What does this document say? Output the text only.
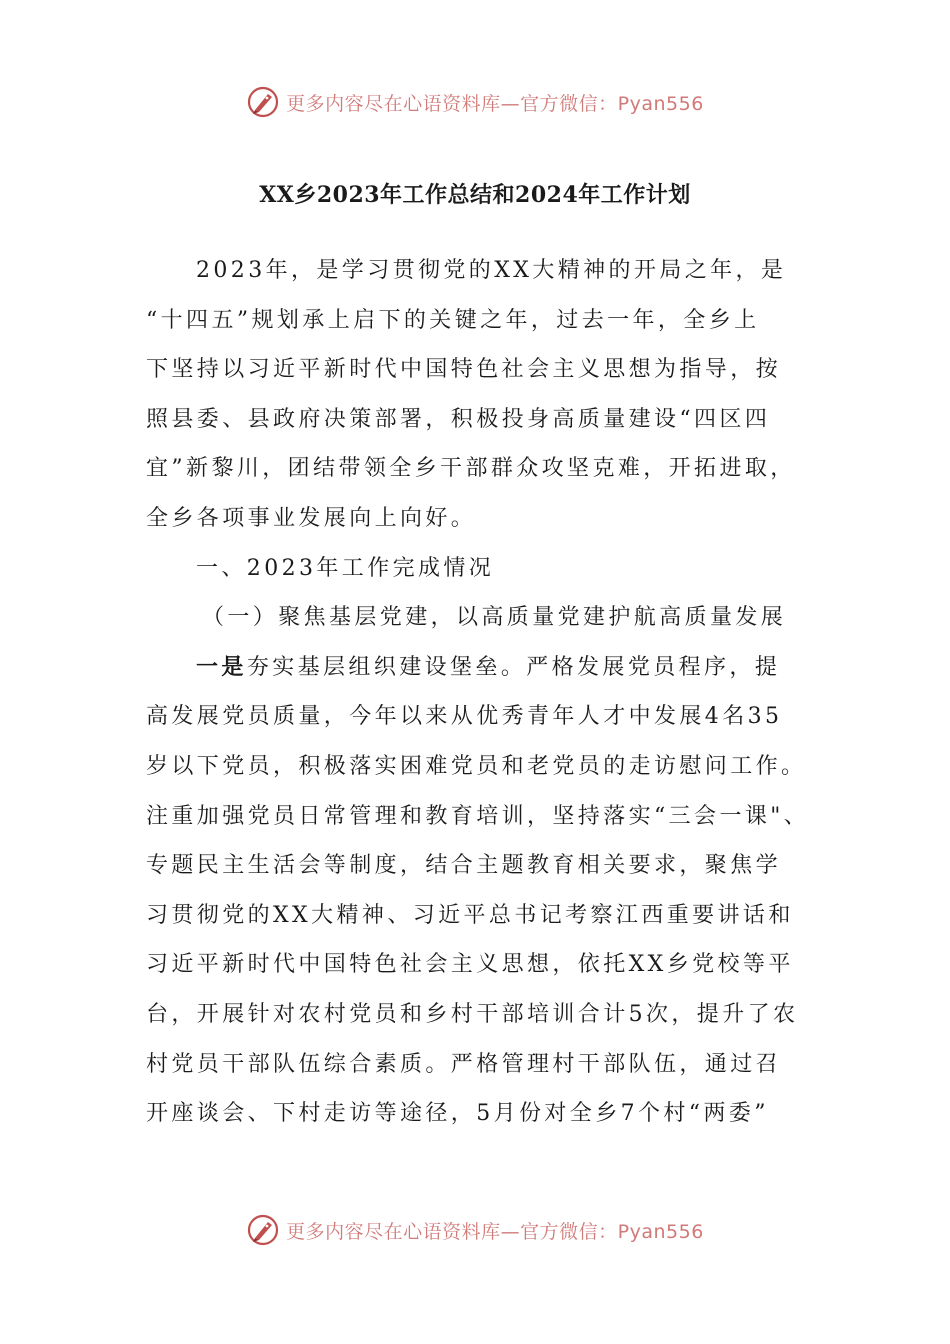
更多内容尽在心语资料库—官方微信：Pyan556
XX乡2023年工作总结和2024年工作计划
2023年，是学习贯彻党的XX大精神的开局之年，是
“十四五”规划承上启下的关键之年，过去一年，全乡上
下坚持以习近平新时代中国特色社会主义思想为指导，按
照县委、县政府决策部署，积极投身高质量建设“四区四
宜”新黎川，团结带领全乡干部群众攻坚克难，开拓进取，
全乡各项事业发展向上向好。
一、2023年工作完成情况
（一）聚焦基层党建，以高质量党建护航高质量发展
一是夯实基层组织建设堡垒。严格发展党员程序，提
高发展党员质量，今年以来从优秀青年人才中发展4名35
岁以下党员，积极落实困难党员和老党员的走访慰问工作。
注重加强党员日常管理和教育培训，坚持落实“三会一课"、
专题民主生活会等制度，结合主题教育相关要求，聚焦学
习贯彻党的XX大精神、习近平总书记考察江西重要讲话和
习近平新时代中国特色社会主义思想，依托XX乡党校等平
台，开展针对农村党员和乡村干部培训合计5次，提升了农
村党员干部队伍综合素质。严格管理村干部队伍，通过召
开座谈会、下村走访等途径，5月份对全乡7个村“两委”
更多内容尽在心语资料库—官方微信：Pyan556
